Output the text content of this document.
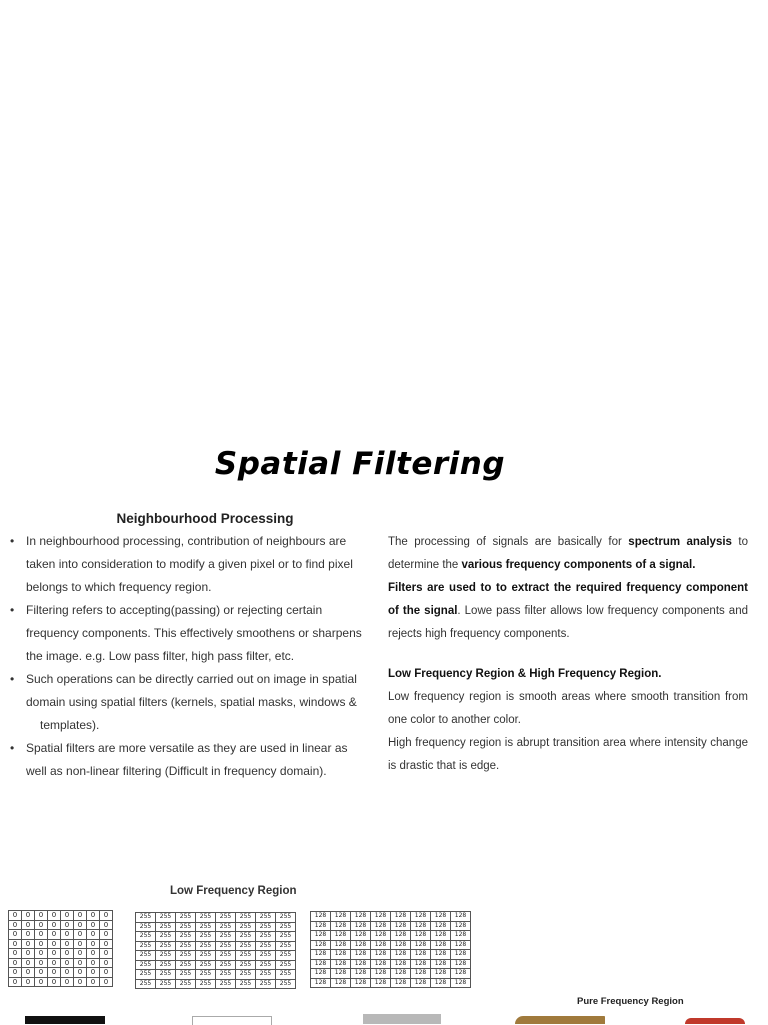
Spatial Filtering
Neighbourhood Processing
• In neighbourhood processing, contribution of neighbours are
taken into consideration to modify a given pixel or to find pixel
belongs to which frequency region.
• Filtering refers to accepting(passing) or rejecting certain
frequency components. This effectively smoothens or sharpens
the image. e.g. Low pass filter, high pass filter, etc.
• Such operations can be directly carried out on image in spatial
domain using spatial filters (kernels, spatial masks, windows &
templates).
• Spatial filters are more versatile as they are used in linear as
well as non-linear filtering (Difficult in frequency domain).
The processing of signals are basically for spectrum analysis to determine the various frequency components of a signal.
Filters are used to to extract the required frequency component of the signal. Lowe pass filter allows low frequency components and rejects high frequency components.
Low Frequency Region & High Frequency Region.
Low frequency region is smooth areas where smooth transition from one color to another color.
High frequency region is abrupt transition area where intensity change is drastic that is edge.
Low Frequency Region
0	0	0	0	0	0	0	0
0	0	0	0	0	0	0	0
0	0	0	0	0	0	0	0
0	0	0	0	0	0	0	0
0	0	0	0	0	0	0	0
0	0	0	0	0	0	0	0
0	0	0	0	0	0	0	0
0	0	0	0	0	0	0	0
255	255	255	255	255	255	255	255
255	255	255	255	255	255	255	255
255	255	255	255	255	255	255	255
255	255	255	255	255	255	255	255
255	255	255	255	255	255	255	255
255	255	255	255	255	255	255	255
255	255	255	255	255	255	255	255
255	255	255	255	255	255	255	255
128	128	128	128	128	128	128	128
128	128	128	128	128	128	128	128
128	128	128	128	128	128	128	128
128	128	128	128	128	128	128	128
128	128	128	128	128	128	128	128
128	128	128	128	128	128	128	128
128	128	128	128	128	128	128	128
128	128	128	128	128	128	128	128
Pure Frequency Region
